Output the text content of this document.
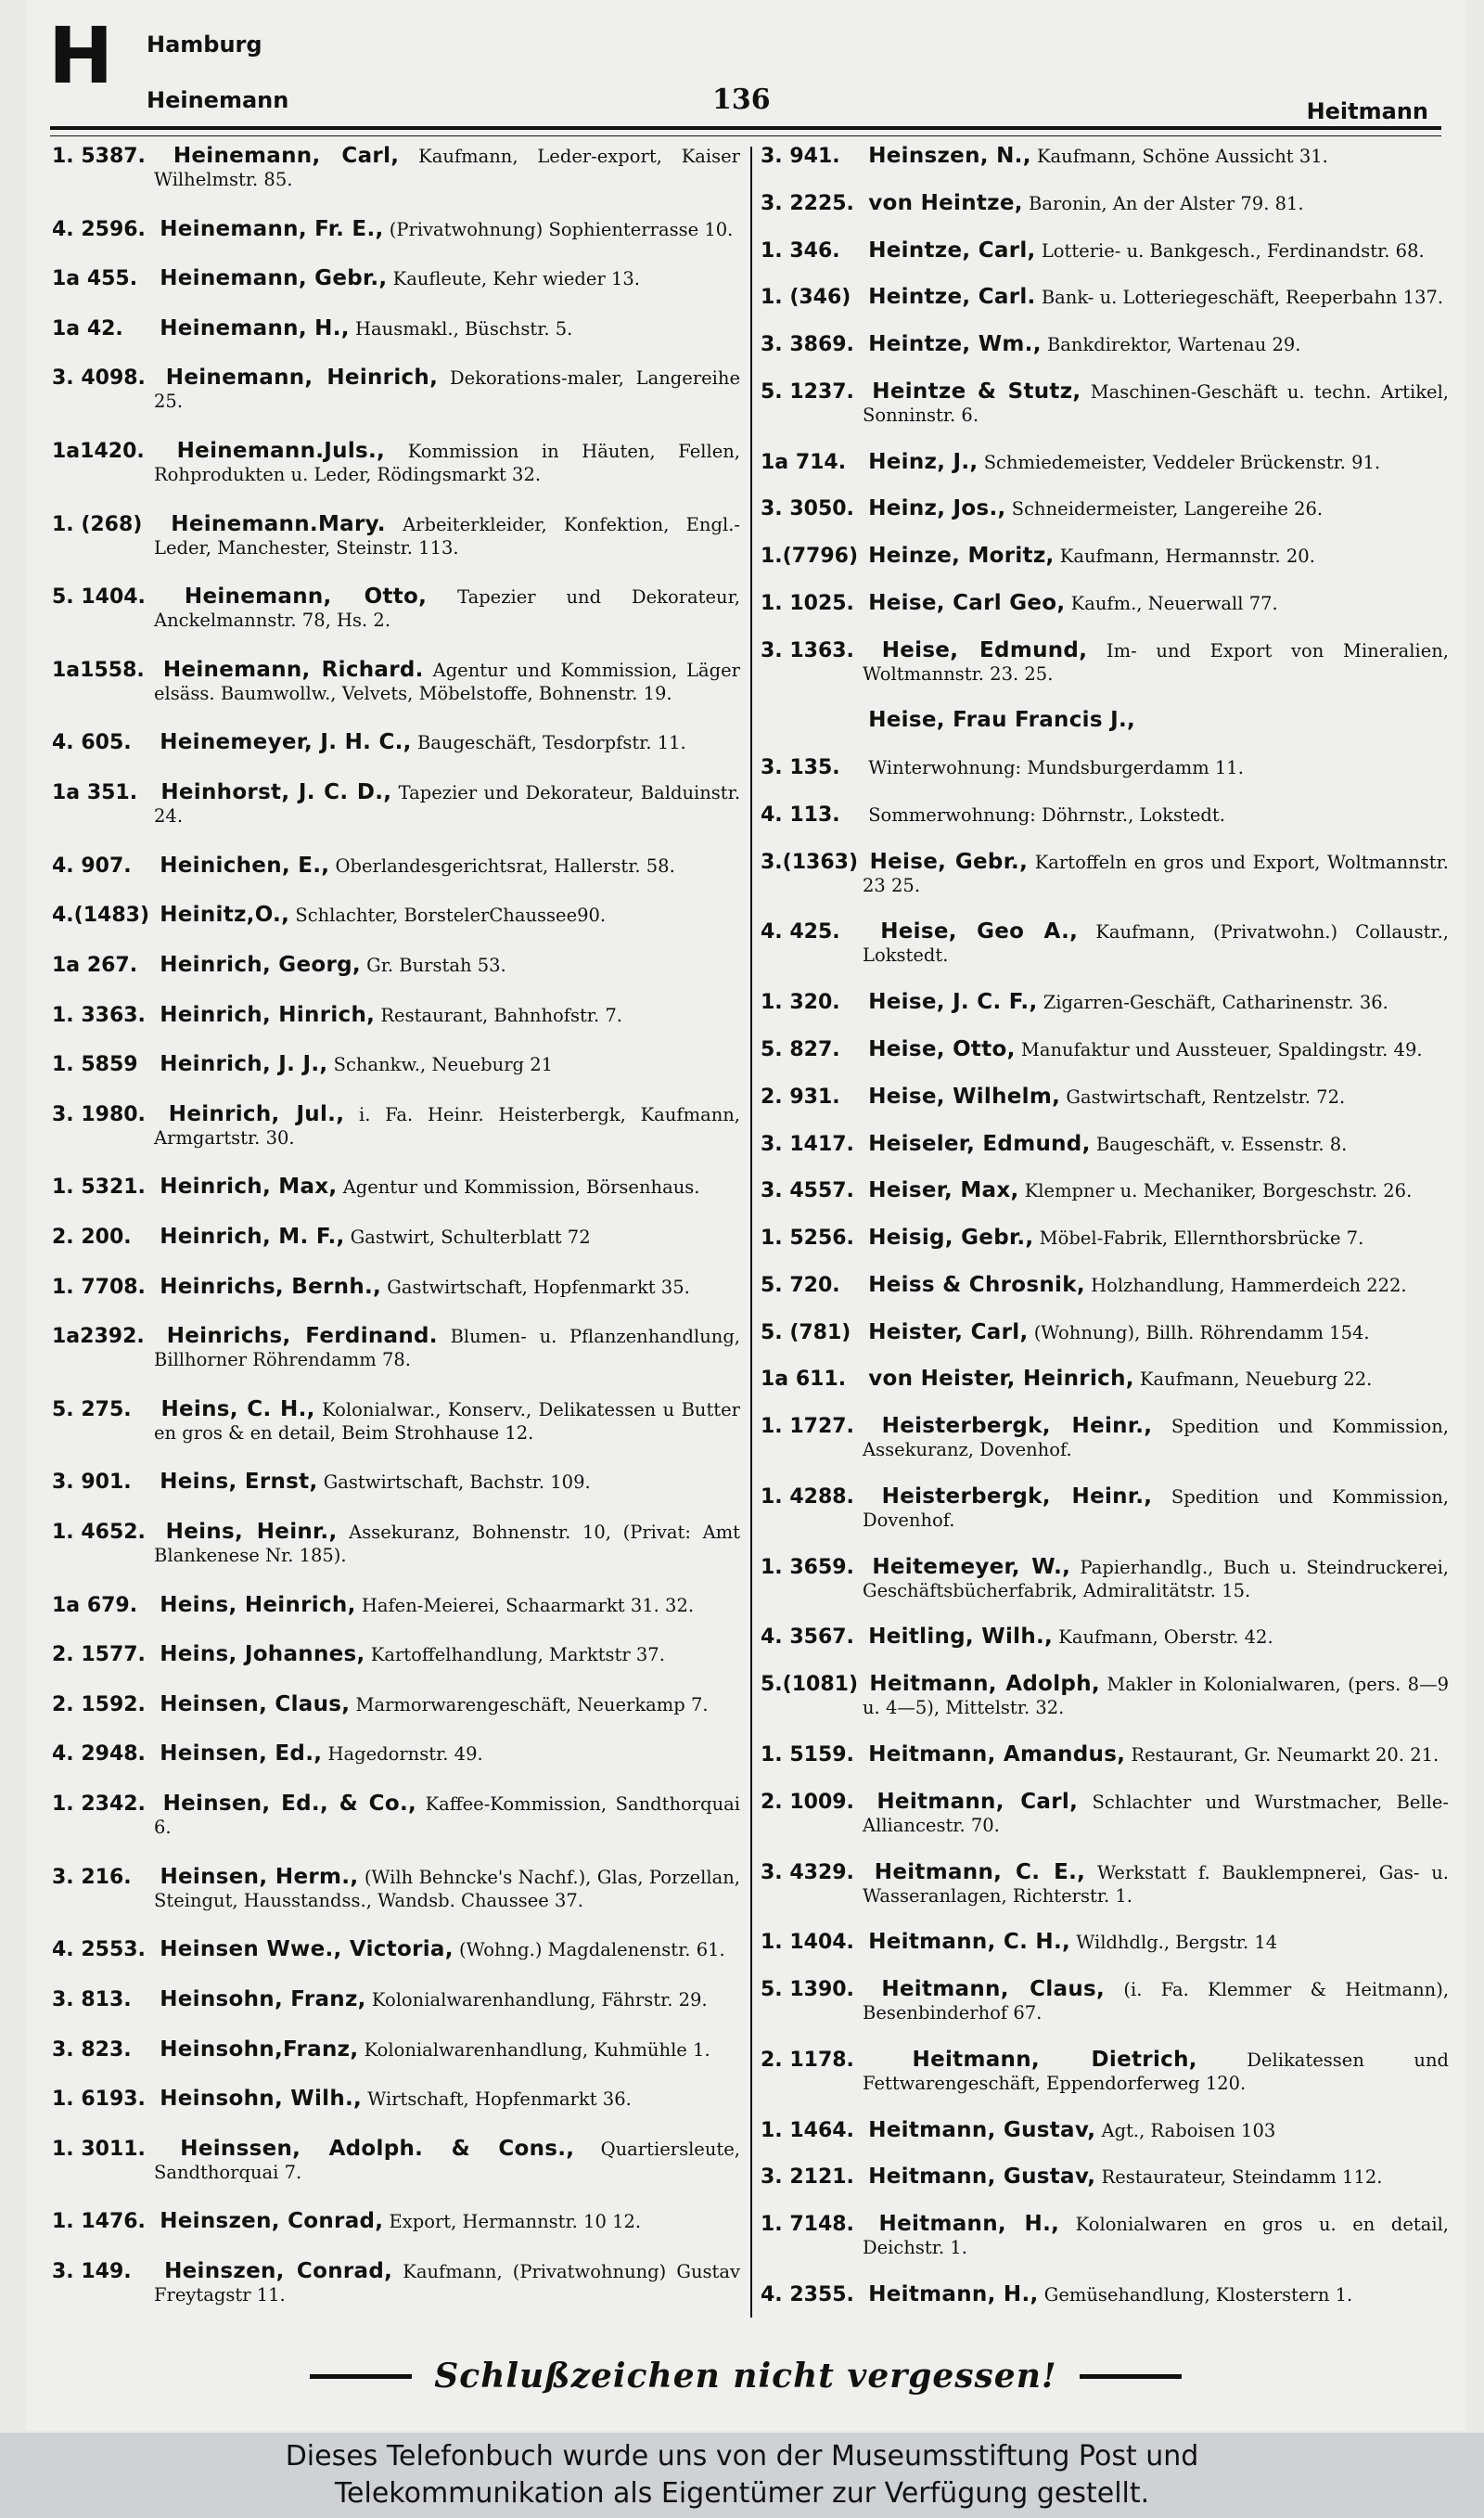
H Hamburg
Heinemann	136	Heitmann
1. 5387. Heinemann, Carl, Kaufmann, Leder-export, Kaiser Wilhelmstr. 85.
4. 2596. Heinemann, Fr. E., (Privatwohnung) Sophienterrasse 10.
1a 455. Heinemann, Gebr., Kaufleute, Kehr wieder 13.
1a 42. Heinemann, H., Hausmakl., Büschstr. 5.
3. 4098. Heinemann, Heinrich, Dekorations-maler, Langereihe 25.
1a1420. Heinemann.Juls., Kommission in Häuten, Fellen, Rohprodukten u. Leder, Rödingsmarkt 32.
1. (268) Heinemann.Mary. Arbeiterkleider, Konfektion, Engl.-Leder, Manchester, Steinstr. 113.
5. 1404. Heinemann, Otto, Tapezier und Dekorateur, Anckelmannstr. 78, Hs. 2.
1a1558. Heinemann, Richard. Agentur und Kommission, Läger elsäss. Baumwollw., Velvets, Möbelstoffe, Bohnenstr. 19.
4. 605. Heinemeyer, J. H. C., Baugeschäft, Tesdorpfstr. 11.
1a 351. Heinhorst, J. C. D., Tapezier und Dekorateur, Balduinstr. 24.
4. 907. Heinichen, E., Oberlandesgerichtsrat, Hallerstr. 58.
4.(1483) Heinitz,O., Schlachter, BorstelerChaussee90.
1a 267. Heinrich, Georg, Gr. Burstah 53.
1. 3363. Heinrich, Hinrich, Restaurant, Bahnhofstr. 7.
1. 5859 Heinrich, J. J., Schankw., Neueburg 21
3. 1980. Heinrich, Jul., i. Fa. Heinr. Heisterbergk, Kaufmann, Armgartstr. 30.
1. 5321. Heinrich, Max, Agentur und Kommission, Börsenhaus.
2. 200. Heinrich, M. F., Gastwirt, Schulterblatt 72
1. 7708. Heinrichs, Bernh., Gastwirtschaft, Hopfenmarkt 35.
1a2392. Heinrichs, Ferdinand. Blumen- u. Pflanzenhandlung, Billhorner Röhrendamm 78.
5. 275. Heins, C. H., Kolonialwar., Konserv., Delikatessen u Butter en gros & en detail, Beim Strohhause 12.
3. 901. Heins, Ernst, Gastwirtschaft, Bachstr. 109.
1. 4652. Heins, Heinr., Assekuranz, Bohnenstr. 10, (Privat: Amt Blankenese Nr. 185).
1a 679. Heins, Heinrich, Hafen-Meierei, Schaarmarkt 31. 32.
2. 1577. Heins, Johannes, Kartoffelhandlung, Marktstr 37.
2. 1592. Heinsen, Claus, Marmorwarengeschäft, Neuerkamp 7.
4. 2948. Heinsen, Ed., Hagedornstr. 49.
1. 2342. Heinsen, Ed., & Co., Kaffee-Kommission, Sandthorquai 6.
3. 216. Heinsen, Herm., (Wilh Behncke's Nachf.), Glas, Porzellan, Steingut, Hausstandss., Wandsb. Chaussee 37.
4. 2553. Heinsen Wwe., Victoria, (Wohng.) Magdalenenstr. 61.
3. 813. Heinsohn, Franz, Kolonialwarenhandlung, Fährstr. 29.
3. 823. Heinsohn,Franz, Kolonialwarenhandlung, Kuhmühle 1.
1. 6193. Heinsohn, Wilh., Wirtschaft, Hopfenmarkt 36.
1. 3011. Heinssen, Adolph. & Cons., Quartiersleute, Sandthorquai 7.
1. 1476. Heinszen, Conrad, Export, Hermannstr. 10 12.
3. 149. Heinszen, Conrad, Kaufmann, (Privatwohnung) Gustav Freytagstr 11.
3. 941. Heinszen, N., Kaufmann, Schöne Aussicht 31.
3. 2225. von Heintze, Baronin, An der Alster 79. 81.
1. 346. Heintze, Carl, Lotterie- u. Bankgesch., Ferdinandstr. 68.
1. (346) Heintze, Carl. Bank- u. Lotteriegeschäft, Reeperbahn 137.
3. 3869. Heintze, Wm., Bankdirektor, Wartenau 29.
5. 1237. Heintze & Stutz, Maschinen-Geschäft u. techn. Artikel, Sonninstr. 6.
1a 714. Heinz, J., Schmiedemeister, Veddeler Brückenstr. 91.
3. 3050. Heinz, Jos., Schneidermeister, Langereihe 26.
1.(7796) Heinze, Moritz, Kaufmann, Hermannstr. 20.
1. 1025. Heise, Carl Geo, Kaufm., Neuerwall 77.
3. 1363. Heise, Edmund, Im- und Export von Mineralien, Woltmannstr. 23. 25.
Heise, Frau Francis J.,
3. 135. Winterwohnung: Mundsburgerdamm 11.
4. 113. Sommerwohnung: Döhrnstr., Lokstedt.
3.(1363) Heise, Gebr., Kartoffeln en gros und Export, Woltmannstr. 23 25.
4. 425. Heise, Geo A., Kaufmann, (Privatwohn.) Collaustr., Lokstedt.
1. 320. Heise, J. C. F., Zigarren-Geschäft, Catharinenstr. 36.
5. 827. Heise, Otto, Manufaktur und Aussteuer, Spaldingstr. 49.
2. 931. Heise, Wilhelm, Gastwirtschaft, Rentzelstr. 72.
3. 1417. Heiseler, Edmund, Baugeschäft, v. Essenstr. 8.
3. 4557. Heiser, Max, Klempner u. Mechaniker, Borgeschstr. 26.
1. 5256. Heisig, Gebr., Möbel-Fabrik, Ellernthorsbrücke 7.
5. 720. Heiss & Chrosnik, Holzhandlung, Hammerdeich 222.
5. (781) Heister, Carl, (Wohnung), Billh. Röhrendamm 154.
1a 611. von Heister, Heinrich, Kaufmann, Neueburg 22.
1. 1727. Heisterbergk, Heinr., Spedition und Kommission, Assekuranz, Dovenhof.
1. 4288. Heisterbergk, Heinr., Spedition und Kommission, Dovenhof.
1. 3659. Heitemeyer, W., Papierhandlg., Buch u. Steindruckerei, Geschäftsbücherfabrik, Admiralitätstr. 15.
4. 3567. Heitling, Wilh., Kaufmann, Oberstr. 42.
5.(1081) Heitmann, Adolph, Makler in Kolonialwaren, (pers. 8—9 u. 4—5), Mittelstr. 32.
1. 5159. Heitmann, Amandus, Restaurant, Gr. Neumarkt 20. 21.
2. 1009. Heitmann, Carl, Schlachter und Wurstmacher, Belle-Alliancestr. 70.
3. 4329. Heitmann, C. E., Werkstatt f. Bauklempnerei, Gas- u. Wasseranlagen, Richterstr. 1.
1. 1404. Heitmann, C. H., Wildhdlg., Bergstr. 14
5. 1390. Heitmann, Claus, (i. Fa. Klemmer & Heitmann), Besenbinderhof 67.
2. 1178.	Heitmann, Dietrich,	Delikatessen und Fettwarengeschäft, Eppendorferweg 120.
1. 1464. Heitmann, Gustav, Agt., Raboisen 103
3. 2121. Heitmann, Gustav, Restaurateur, Steindamm 112.
1. 7148. Heitmann, H., Kolonialwaren en gros u. en detail, Deichstr. 1.
4. 2355. Heitmann, H., Gemüsehandlung, Klosterstern 1.
Schlußzeichen nicht vergessen!
Dieses Telefonbuch wurde uns von der Museumsstiftung Post und
Telekommunikation als Eigentümer zur Verfügung gestellt.
